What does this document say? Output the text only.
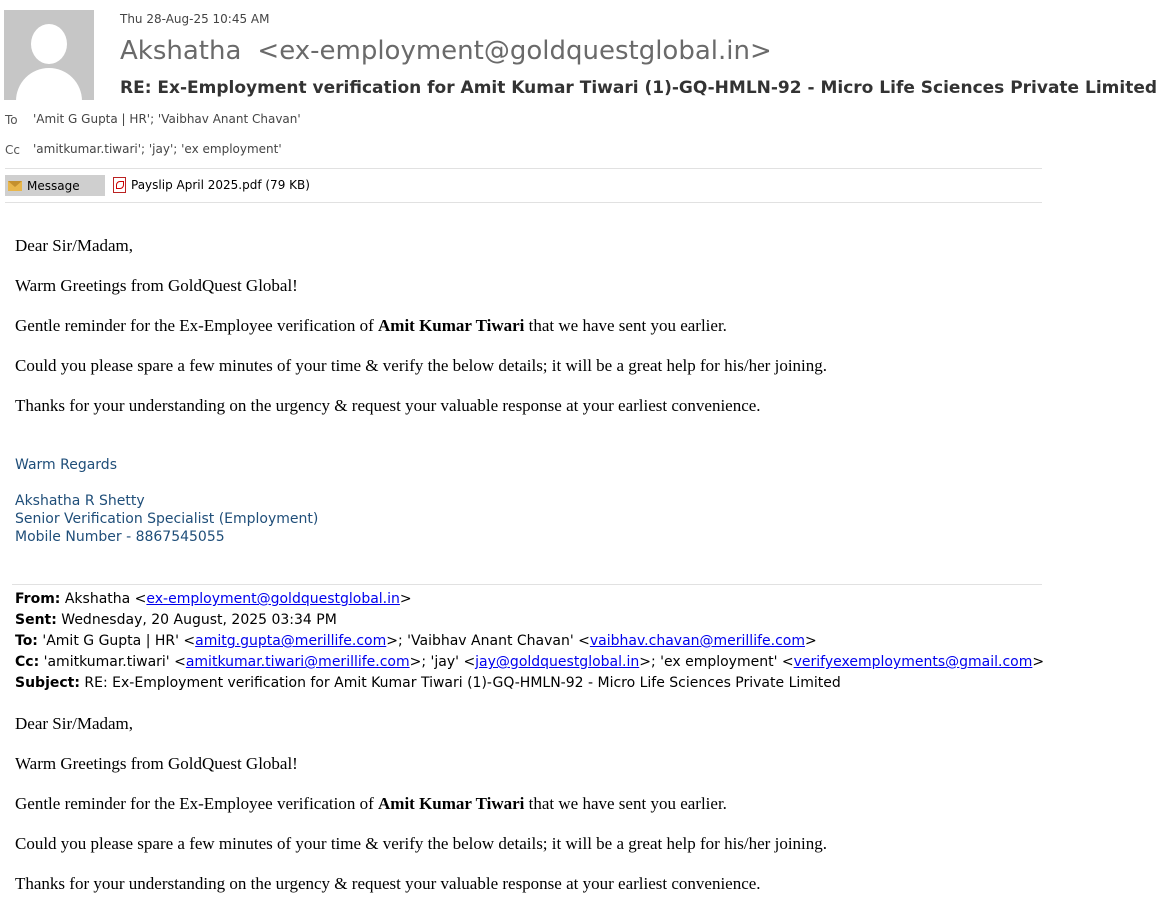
Thu 28-Aug-25 10:45 AM
Akshatha <ex-employment@goldquestglobal.in>
RE: Ex-Employment verification for Amit Kumar Tiwari (1)-GQ-HMLN-92 - Micro Life Sciences Private Limited
To 'Amit G Gupta | HR'; 'Vaibhav Anant Chavan'
Cc 'amitkumar.tiwari'; 'jay'; 'ex employment'
Message	Payslip April 2025.pdf (79 KB)
Dear Sir/Madam,
Warm Greetings from GoldQuest Global!
Gentle reminder for the Ex-Employee verification of Amit Kumar Tiwari that we have sent you earlier.
Could you please spare a few minutes of your time & verify the below details; it will be a great help for his/her joining.
Thanks for your understanding on the urgency & request your valuable response at your earliest convenience.
Warm Regards
Akshatha R Shetty
Senior Verification Specialist (Employment)
Mobile Number - 8867545055
From: Akshatha <ex-employment@goldquestglobal.in>
Sent: Wednesday, 20 August, 2025 03:34 PM
To: 'Amit G Gupta | HR' <amitg.gupta@merillife.com>; 'Vaibhav Anant Chavan' <vaibhav.chavan@merillife.com>
Cc: 'amitkumar.tiwari' <amitkumar.tiwari@merillife.com>; 'jay' <jay@goldquestglobal.in>; 'ex employment' <verifyexemployments@gmail.com>
Subject: RE: Ex-Employment verification for Amit Kumar Tiwari (1)-GQ-HMLN-92 - Micro Life Sciences Private Limited
Dear Sir/Madam,
Warm Greetings from GoldQuest Global!
Gentle reminder for the Ex-Employee verification of Amit Kumar Tiwari that we have sent you earlier.
Could you please spare a few minutes of your time & verify the below details; it will be a great help for his/her joining.
Thanks for your understanding on the urgency & request your valuable response at your earliest convenience.
